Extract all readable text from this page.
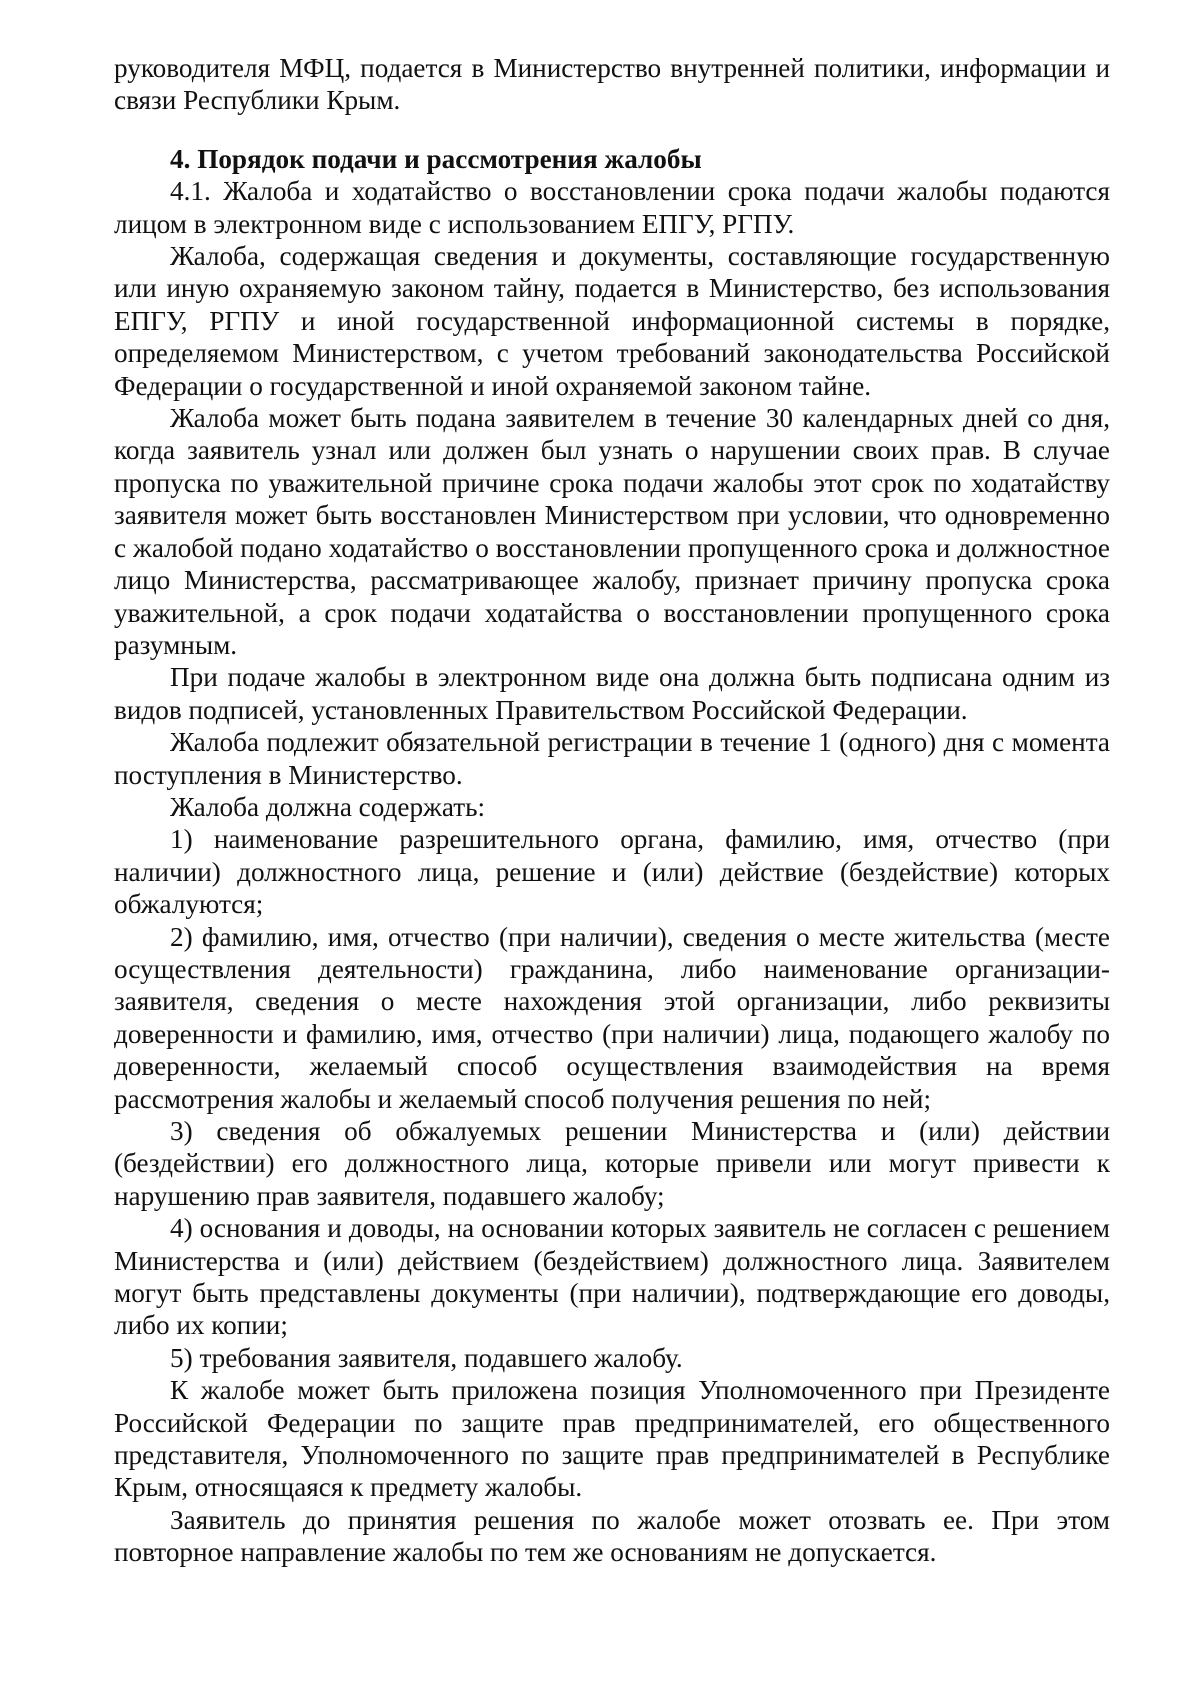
руководителя МФЦ, подается в Министерство внутренней политики, информации и связи Республики Крым.

4. Порядок подачи и рассмотрения жалобы

4.1. Жалоба и ходатайство о восстановлении срока подачи жалобы подаются лицом в электронном виде с использованием ЕПГУ, РГПУ.

Жалоба, содержащая сведения и документы, составляющие государственную или иную охраняемую законом тайну, подается в Министерство, без использования ЕПГУ, РГПУ и иной государственной информационной системы в порядке, определяемом Министерством, с учетом требований законодательства Российской Федерации о государственной и иной охраняемой законом тайне.

Жалоба может быть подана заявителем в течение 30 календарных дней со дня, когда заявитель узнал или должен был узнать о нарушении своих прав. В случае пропуска по уважительной причине срока подачи жалобы этот срок по ходатайству заявителя может быть восстановлен Министерством при условии, что одновременно с жалобой подано ходатайство о восстановлении пропущенного срока и должностное лицо Министерства, рассматривающее жалобу, признает причину пропуска срока уважительной, а срок подачи ходатайства о восстановлении пропущенного срока разумным.

При подаче жалобы в электронном виде она должна быть подписана одним из видов подписей, установленных Правительством Российской Федерации.

Жалоба подлежит обязательной регистрации в течение 1 (одного) дня с момента поступления в Министерство.

Жалоба должна содержать:

1) наименование разрешительного органа, фамилию, имя, отчество (при наличии) должностного лица, решение и (или) действие (бездействие) которых обжалуются;

2) фамилию, имя, отчество (при наличии), сведения о месте жительства (месте осуществления деятельности) гражданина, либо наименование организации-заявителя, сведения о месте нахождения этой организации, либо реквизиты доверенности и фамилию, имя, отчество (при наличии) лица, подающего жалобу по доверенности, желаемый способ осуществления взаимодействия на время рассмотрения жалобы и желаемый способ получения решения по ней;

3) сведения об обжалуемых решении Министерства и (или) действии (бездействии) его должностного лица, которые привели или могут привести к нарушению прав заявителя, подавшего жалобу;

4) основания и доводы, на основании которых заявитель не согласен с решением Министерства и (или) действием (бездействием) должностного лица. Заявителем могут быть представлены документы (при наличии), подтверждающие его доводы, либо их копии;

5) требования заявителя, подавшего жалобу.

К жалобе может быть приложена позиция Уполномоченного при Президенте Российской Федерации по защите прав предпринимателей, его общественного представителя, Уполномоченного по защите прав предпринимателей в Республике Крым, относящаяся к предмету жалобы.

Заявитель до принятия решения по жалобе может отозвать ее. При этом повторное направление жалобы по тем же основаниям не допускается.
